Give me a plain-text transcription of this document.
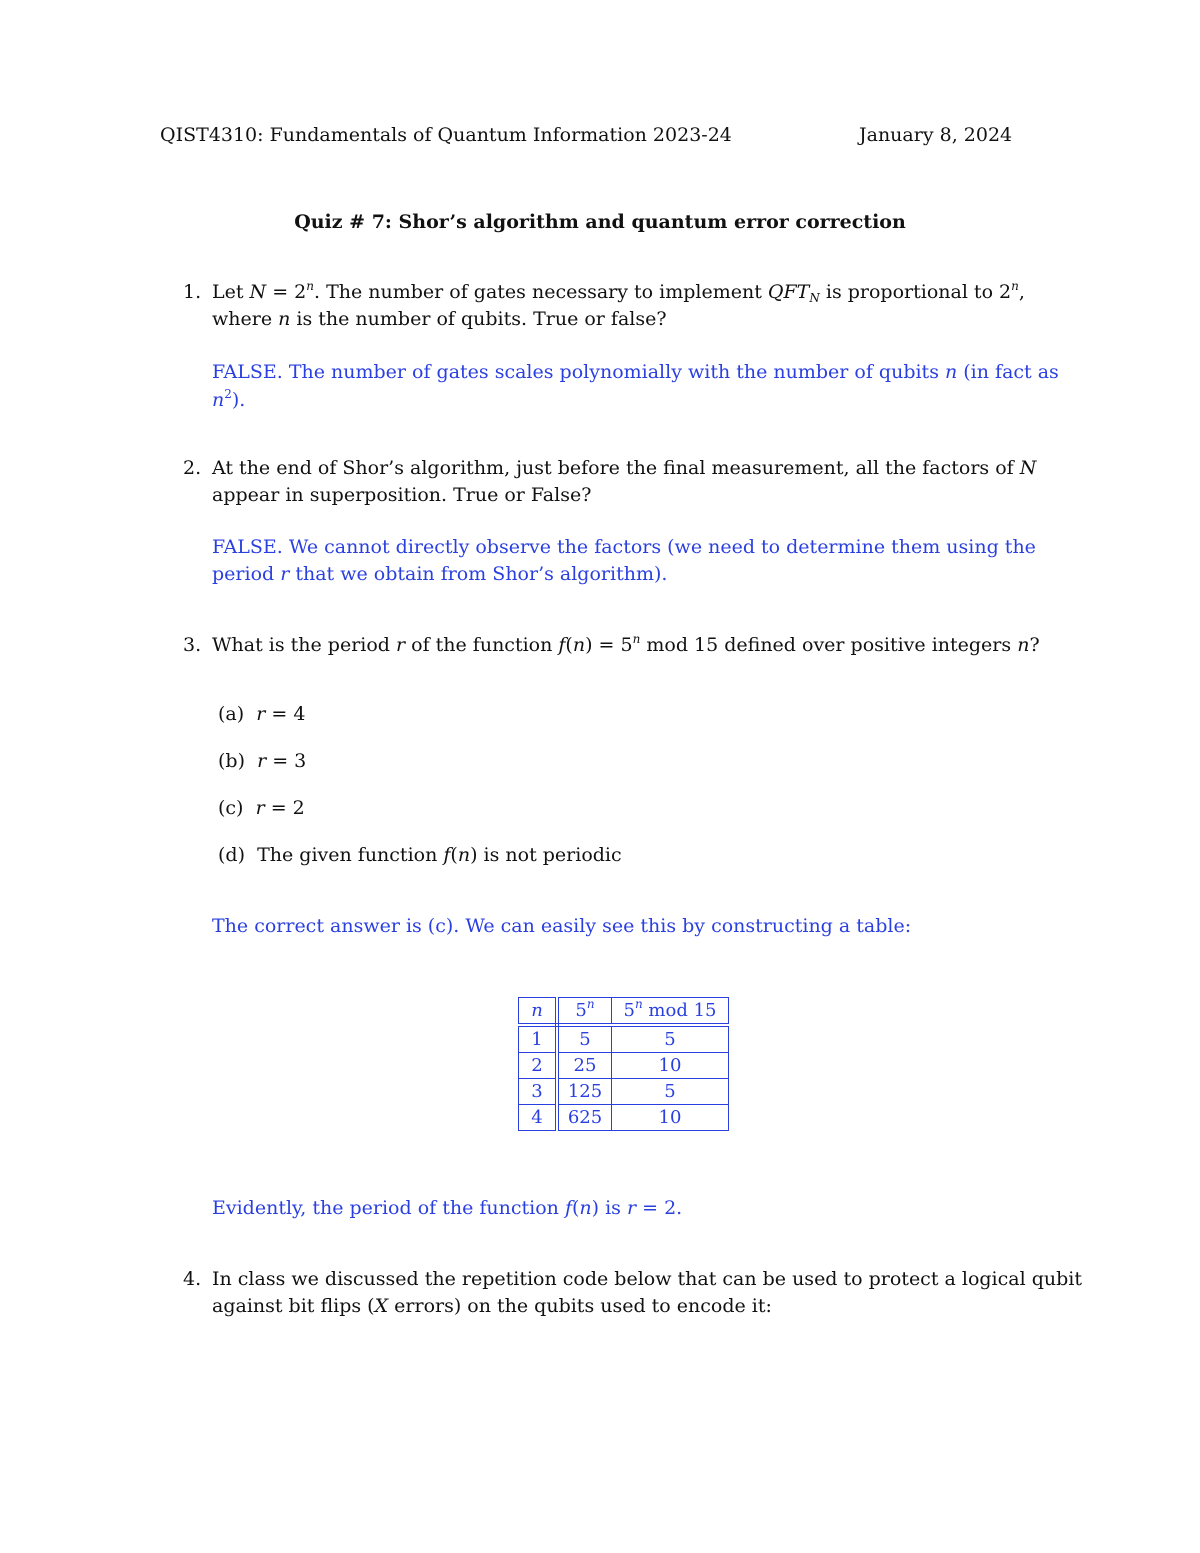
QIST4310: Fundamentals of Quantum Information 2023-24	January 8, 2024
Quiz # 7: Shor’s algorithm and quantum error correction
1. Let $N = 2^n$. The number of gates necessary to implement $QFT_N$ is proportional to 2$^n$,
where n is the number of qubits. True or false?
FALSE. The number of gates scales polynomially with the number of qubits n (in fact as
$n^2$).
2. At the end of Shor’s algorithm, just before the final measurement, all the factors of N
appear in superposition. True or False?
FALSE. We cannot directly observe the factors (we need to determine them using the
period r that we obtain from Shor’s algorithm).
3. What is the period r of the function $f(n) = 5^n$ mod 15 defined over positive integers n?
(a) r = 4
(b) r = 3
(c) r = 2
(d) The given function f(n) is not periodic
The correct answer is (c). We can easily see this by constructing a table:
n	5$^n$	5$^n$ mod 15
1	5	5
2	25	10
3	125	5
4	625	10
Evidently, the period of the function f(n) is r = 2.
4. In class we discussed the repetition code below that can be used to protect a logical qubit
against bit flips (X errors) on the qubits used to encode it:
